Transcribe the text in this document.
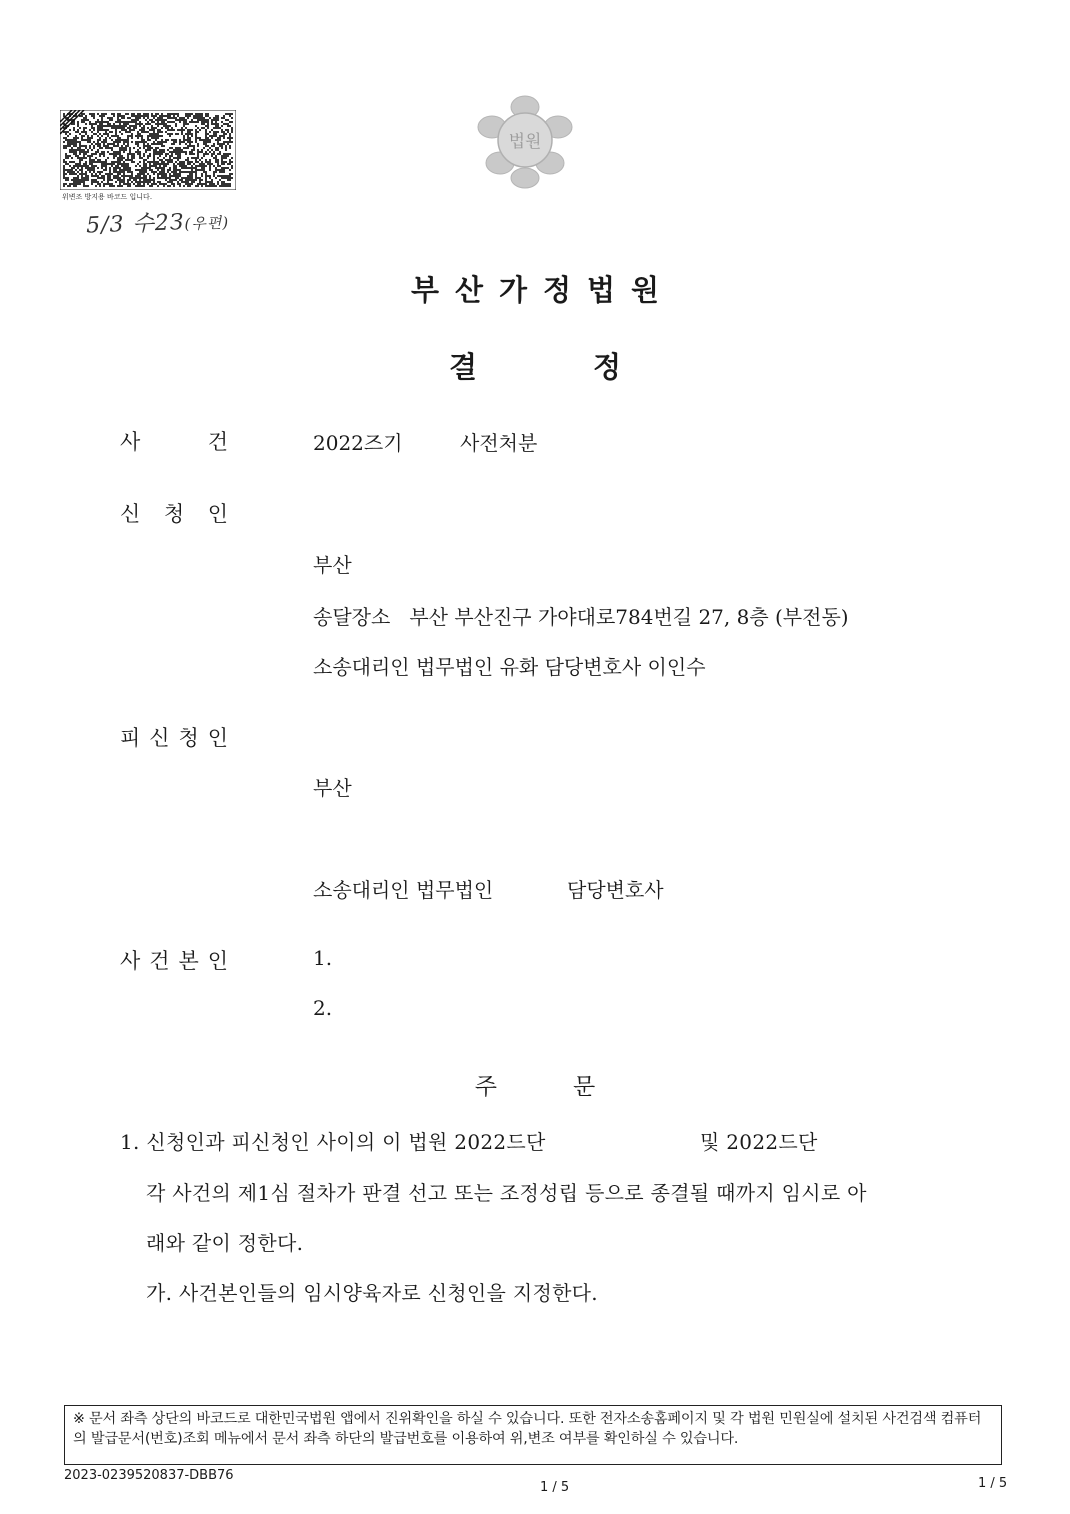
위변조 방지용 바코드 입니다.
5/3 수2З(우편)
법원
부 산 가 정 법 원
결	정
사	건	2022즈기	사전처분
신 청 인
부산
송달장소   부산 부산진구 가야대로784번길 27, 8층 (부전동)
소송대리인 법무법인 유화 담당변호사 이인수
피 신 청 인
부산
소송대리인 법무법인	담당변호사
사 건 본 인	1.
2.
주	문
1. 신청인과 피신청인 사이의 이 법원 2022드단	및 2022드단
각 사건의 제1심 절차가 판결 선고 또는 조정성립 등으로 종결될 때까지 임시로 아
래와 같이 정한다.
가. 사건본인들의 임시양육자로 신청인을 지정한다.
※ 문서 좌측 상단의 바코드로 대한민국법원 앱에서 진위확인을 하실 수 있습니다. 또한 전자소송홈페이지 및 각 법원 민원실에 설치된 사건검색 컴퓨터의 발급문서(번호)조회 메뉴에서 문서 좌측 하단의 발급번호를 이용하여 위,변조 여부를 확인하실 수 있습니다.
2023-0239520837-DBB76
1 / 5	1 / 5
